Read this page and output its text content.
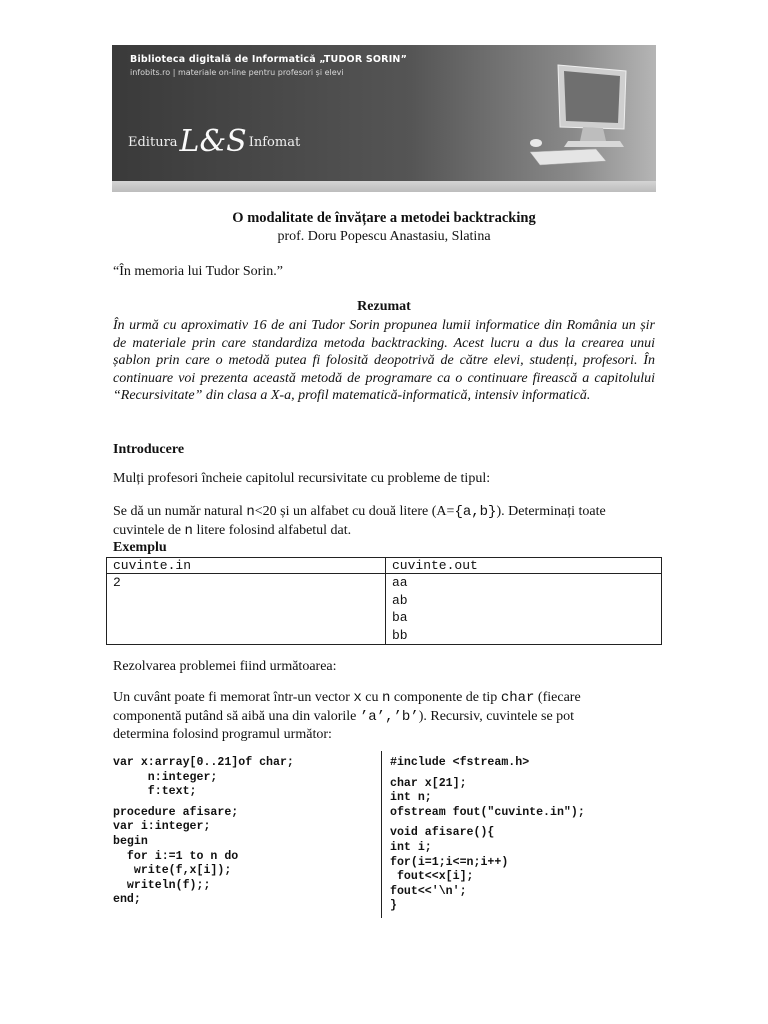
Biblioteca digitală de Informatică „TUDOR SORIN”
infobits.ro | materiale on-line pentru profesori și elevi
Editura L&S Infomat
O modalitate de învățare a metodei backtracking
prof. Doru Popescu Anastasiu, Slatina
“În memoria lui Tudor Sorin.”
Rezumat
În urmă cu aproximativ 16 de ani Tudor Sorin propunea lumii informatice din România un șir de materiale prin care standardiza metoda backtracking. Acest lucru a dus la crearea unui șablon prin care o metodă putea fi folosită deopotrivă de către elevi, studenți, profesori. În continuare voi prezenta această metodă de programare ca o continuare firească a capitolului “Recursivitate” din clasa a X-a, profil matematică-informatică, intensiv informatică.
Introducere
Mulți profesori încheie capitolul recursivitate cu probleme de tipul:
Se dă un număr natural n<20 și un alfabet cu două litere (A={a,b}). Determinați toate
cuvintele de n litere folosind alfabetul dat.
Exemplu
cuvinte.in	cuvinte.out

2	aa
ab
ba
bb
Rezolvarea problemei fiind următoarea:
Un cuvânt poate fi memorat într-un vector x cu n componente de tip char (fiecare
componentă putând să aibă una din valorile ’a’,’b’). Recursiv, cuvintele se pot
determina folosind programul următor:
var x:array[0..21]of char;
n:integer;
f:text;
procedure afisare;
var i:integer;
begin
for i:=1 to n do
write(f,x[i]);
writeln(f);;
end;
#include <fstream.h>
char x[21];
int n;
ofstream fout("cuvinte.in");
void afisare(){
int i;
for(i=1;i<=n;i++)
fout<<x[i];
fout<<'\n';
}
